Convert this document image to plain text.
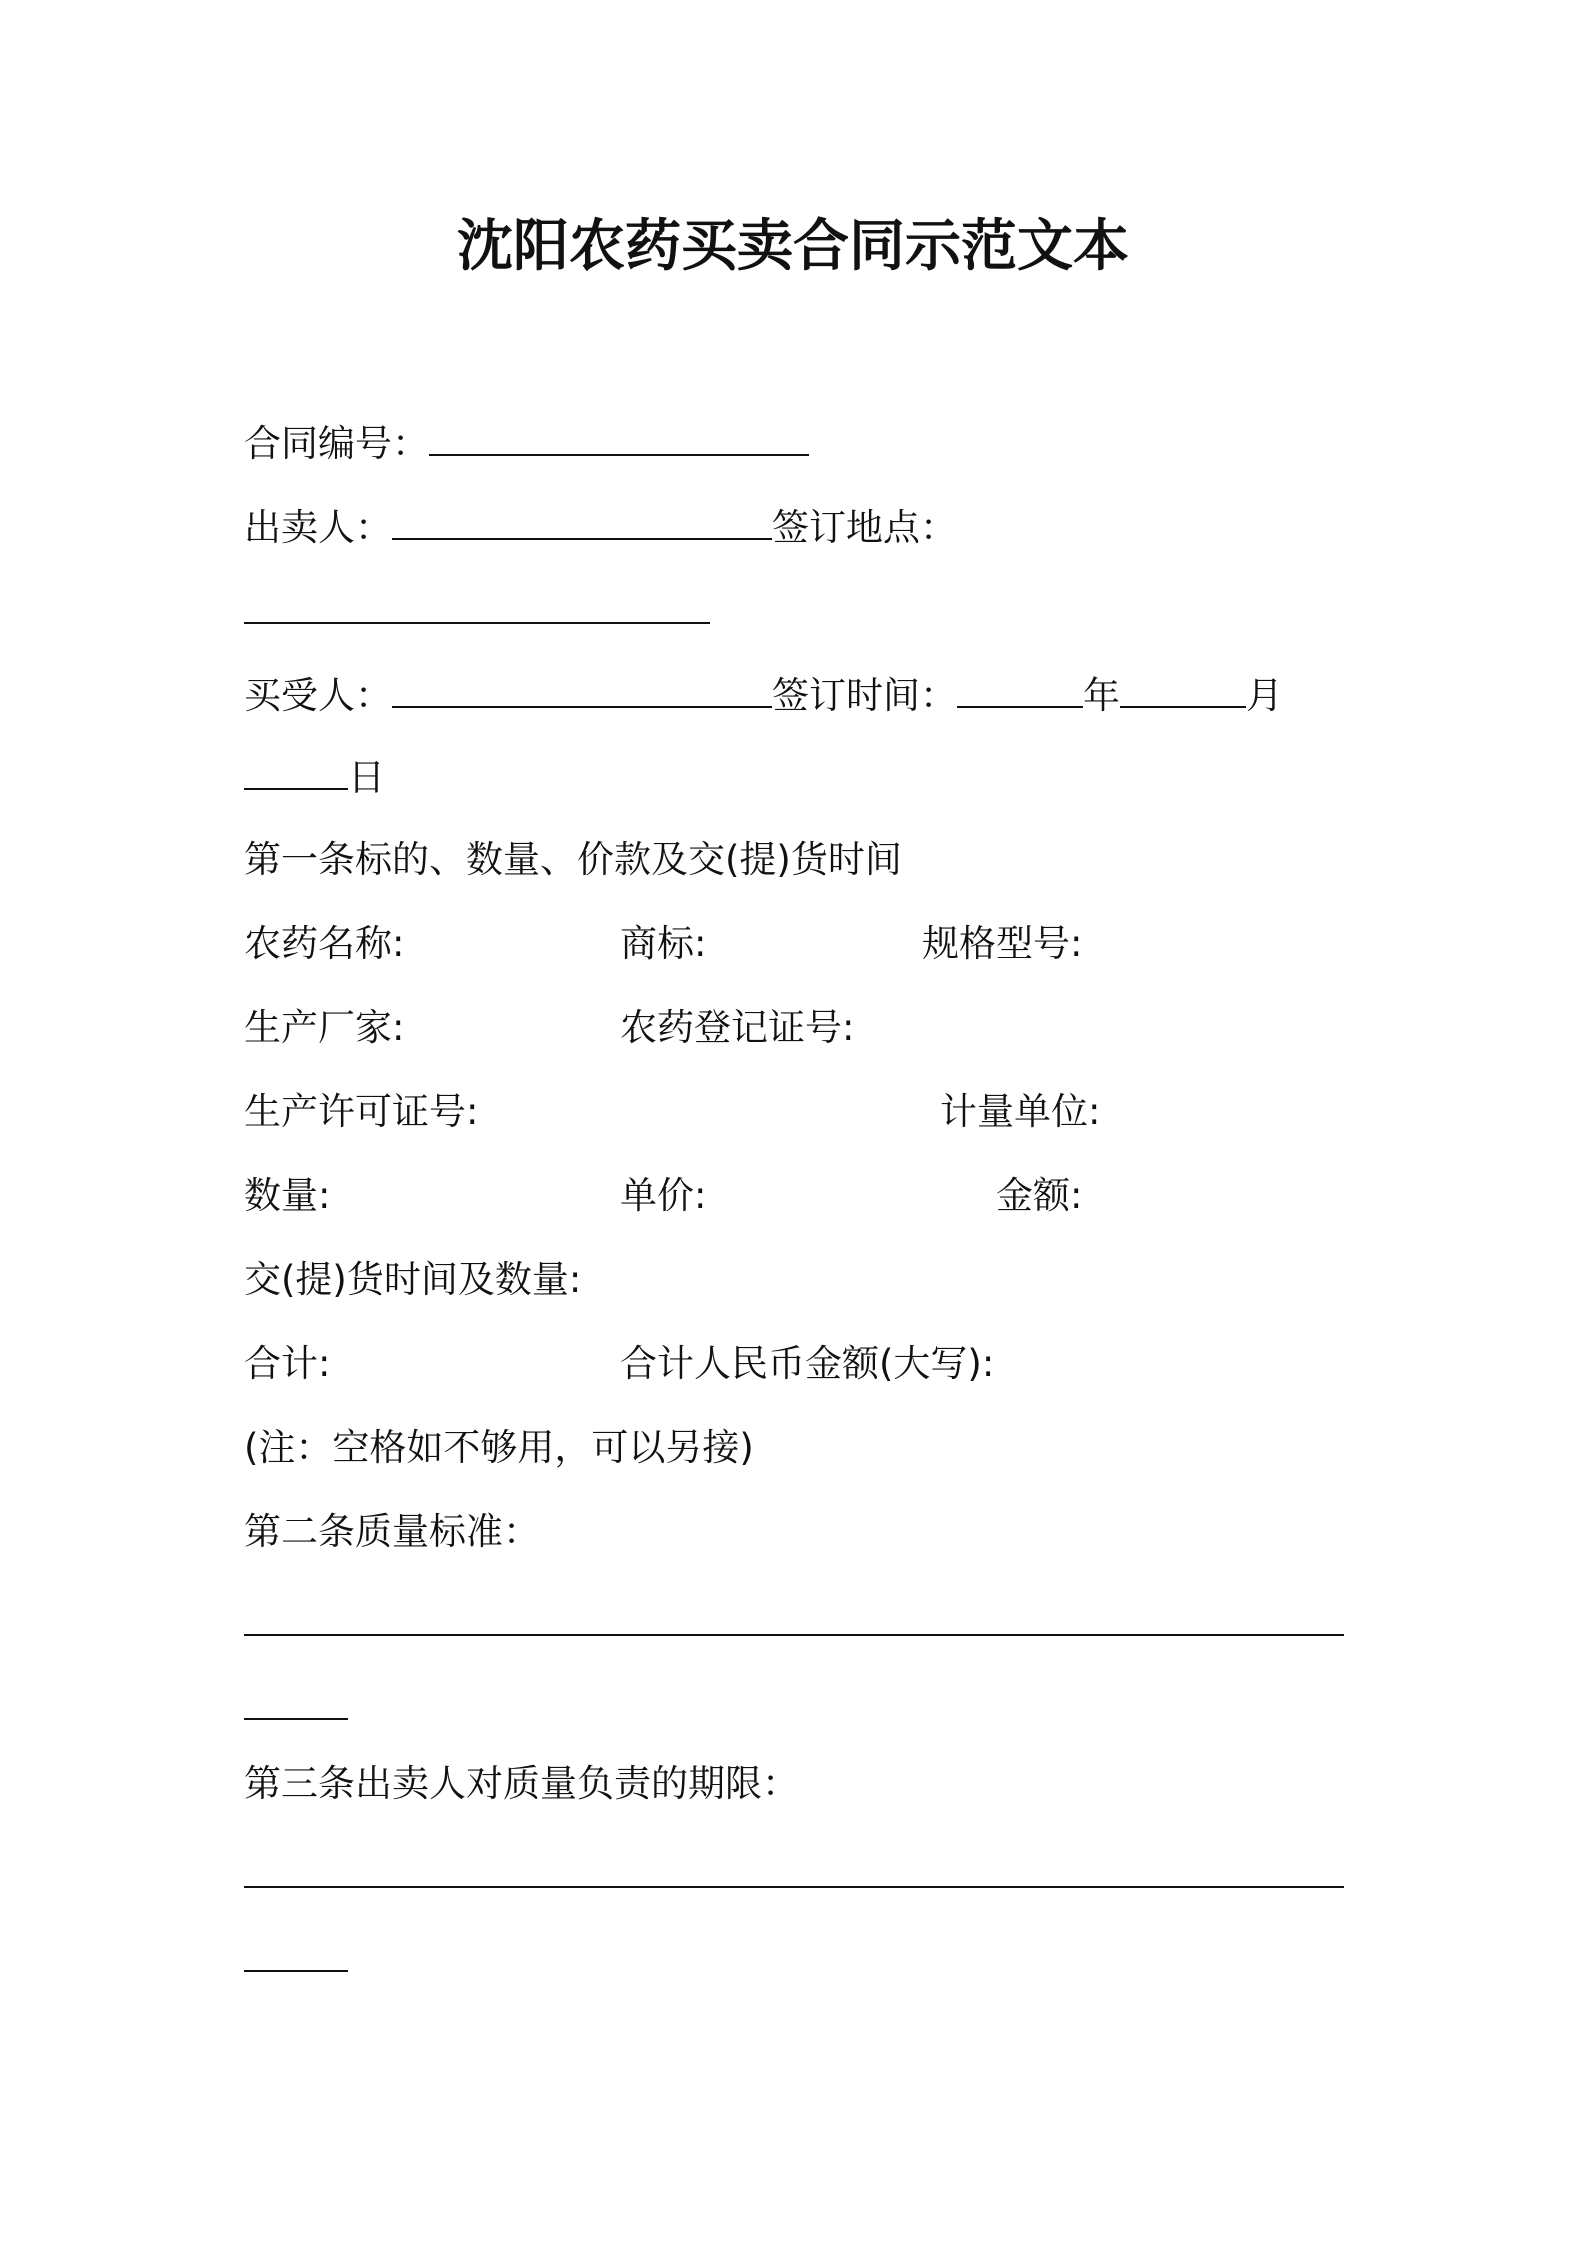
沈阳农药买卖合同示范文本
合同编号：
出卖人：	签订地点：
买受人：	签订时间：	年	月
日
第一条标的、数量、价款及交(提)货时间
农药名称:	商标:	规格型号:
生产厂家:	农药登记证号:
生产许可证号:	计量单位:
数量:	单价:	金额:
交(提)货时间及数量:
合计:	合计人民币金额(大写):
(注：空格如不够用，可以另接)
第二条质量标准：
第三条出卖人对质量负责的期限：
